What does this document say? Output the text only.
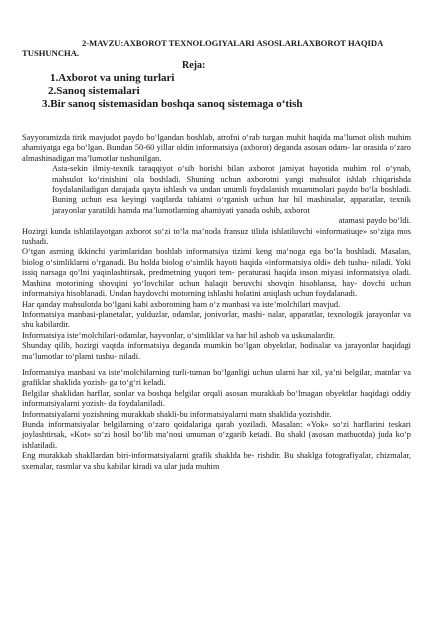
2-MAVZU:AXBOROT TEXNOLOGIYALARI ASOSLARI.AXBOROT HAQIDA TUSHUNCHA.

Reja:

1.Axborot va uning turlari

2.Sanoq sistemalari

3.Bir sanoq sistemasidan boshqa sanoq sistemaga o‘tish

Sayyoramizda tirik mavjudot paydo bo‘lgandan boshlab, atrofni o‘rab turgan muhit haqida ma’lumot olish muhim ahamiyatga ega bo‘lgan. Bundan 50-60 yillar oldin informatsiya (axborot) deganda asosan odam- lar orasida o‘zaro almashinadigan ma’lumotlar tushunilgan.

Asta-sekin ilmiy-texnik taraqqiyot o‘sib borishi bilan axborot jamiyat hayotida muhim rol o‘ynab, mahsulot ko‘rinishini ola boshladi. Shuning uchun axborotni yangi mahsulot ishlab chiqarishda foydalaniladigan darajada qayta ishlash va undan unumli foydalanish muammolari paydo bo‘la boshladi. Buning uchun esa keyingi vaqtlarda tabiatni o‘rganish uchun har hil mashinalar, apparatlar, texnik jarayonlar yaratildi hamda ma’lumotlarning ahamiyati yanada oshib, axborot

atamasi paydo bo‘ldi.

Hozirgi kunda ishlatilayotgan axborot so‘zi to‘la ma’noda fransuz tilida ishlatiluvchi «informatiuqe» so‘ziga mos tushadi.

O‘tgan asrning ikkinchi yarimlaridan boshlab informatsiya tizimi keng ma’noga ega bo‘la boshladi. Masalan, biolog o‘simliklarni o‘rganadi. Bu holda biolog o‘simlik hayoti haqida «informatsiya oldi» deb tushu- niladi. Yoki issiq narsaga qo‘lni yaqinlashtirsak, predmetning yuqori tem- peraturasi haqida inson miyasi informatsiya oladi. Mashina motorining shovqini yo‘lovchilar uchun halaqit beruvchi shovqin hisoblansa, hay- dovchi uchun informatsiya hisoblanadi. Undan haydovchi motorning ishlashi holatini aniqlash uchun foydalanadi.

Har qanday mahsulotda bo‘lgani kabi axborotning ham o‘z manbasi va iste’molchilari mavjud.

Informatsiya manbasi-planetalar, yulduzlar, odamlar, jonivorlar, mashi- nalar, apparatlar, texnologik jarayonlar va shu kabilardir.

Informatsiya iste’molchilari-odamlar, hayvonlar, o‘simliklar va har hil asbob va uskunalardir.

Shunday qilib, hozirgi vaqtda informatsiya deganda mumkin bo‘lgan obyektlar, hodisalar va jarayonlar haqidagi ma’lumotlar to‘plami tushu- niladi.

Informatsiya manbasi va iste’molchilarning turli-tuman bo‘lganligi uchun ularni har xil, ya’ni belgilar, matnlar va grafiklar shaklida yozish- ga to‘g‘ri keladi.

Belgilar shaklidan harflar, sonlar va boshqa belgilar orqali asosan murakkab bo‘lmagan obyektlar haqidagi oddiy informatsiyalarni yozish- da foydalaniladi.

Informatsiyalarni yozishning murakkab shakli-bu informatsiyalarni matn shaklida yozishdir.

Bunda informatsiyalar belgilarning o‘zaro qoidalariga qarab yoziladi. Masalan: «Yok» so‘zi harflarini teskari joylashtirsak, «Kot» so‘zi hosil bo‘lib ma’nosi umuman o‘zgarib ketadi. Bu shakl (asosan matbuotda) juda ko‘p ishlatiladi.

Eng murakkab shakllardan biri-informatsiyalarni grafik shaklda be- rishdir. Bu shaklga fotografiyalar, chizmalar, sxemalar, rasmlar va shu kabilar kiradi va ular juda muhim
